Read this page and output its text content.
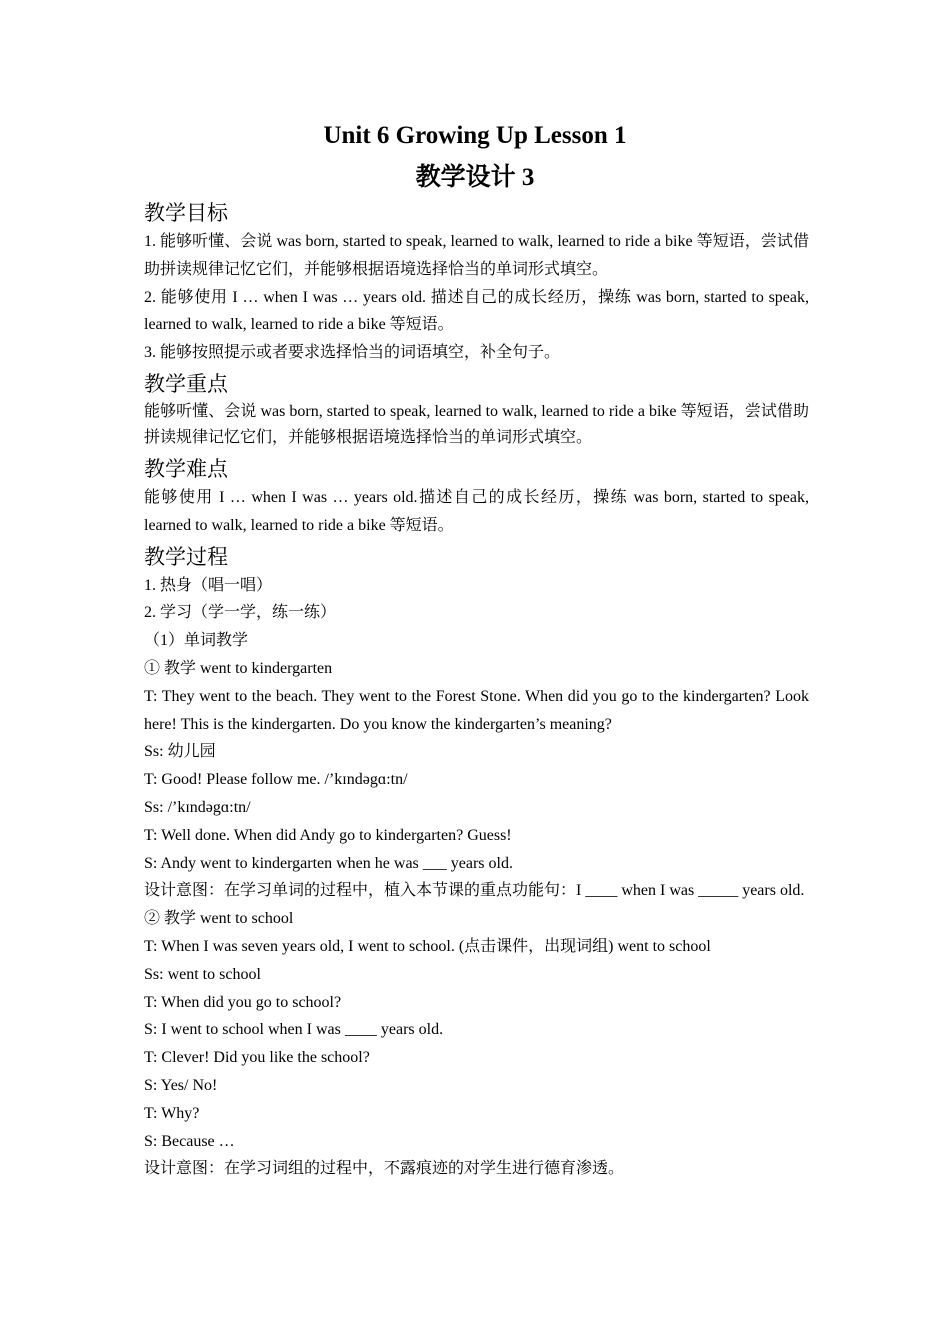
Unit 6 Growing Up Lesson 1
教学设计 3
教学目标

1. 能够听懂、会说 was born, started to speak, learned to walk, learned to ride a bike 等短语，尝试借助拼读规律记忆它们，并能够根据语境选择恰当的单词形式填空。

2. 能够使用 I … when I was … years old. 描述自己的成长经历，操练 was born, started to speak, learned to walk, learned to ride a bike 等短语。

3. 能够按照提示或者要求选择恰当的词语填空，补全句子。

教学重点

能够听懂、会说 was born, started to speak, learned to walk, learned to ride a bike 等短语，尝试借助拼读规律记忆它们，并能够根据语境选择恰当的单词形式填空。

教学难点

能够使用 I … when I was … years old.描述自己的成长经历，操练 was born, started to speak, learned to walk, learned to ride a bike 等短语。

教学过程

1. 热身（唱一唱）

2. 学习（学一学，练一练）

（1）单词教学

① 教学 went to kindergarten

T: They went to the beach. They went to the Forest Stone. When did you go to the kindergarten? Look here! This is the kindergarten. Do you know the kindergarten’s meaning?

Ss: 幼儿园

T: Good! Please follow me. /’kɪndəgɑ:tn/

Ss: /’kɪndəgɑ:tn/

T: Well done. When did Andy go to kindergarten? Guess!

S: Andy went to kindergarten when he was ___ years old.

设计意图：在学习单词的过程中，植入本节课的重点功能句：I ____ when I was _____ years old.

② 教学 went to school

T: When I was seven years old, I went to school. (点击课件，出现词组) went to school

Ss: went to school

T: When did you go to school?

S: I went to school when I was ____ years old.

T: Clever! Did you like the school?

S: Yes/ No!

T: Why?

S: Because …

设计意图：在学习词组的过程中，不露痕迹的对学生进行德育渗透。
